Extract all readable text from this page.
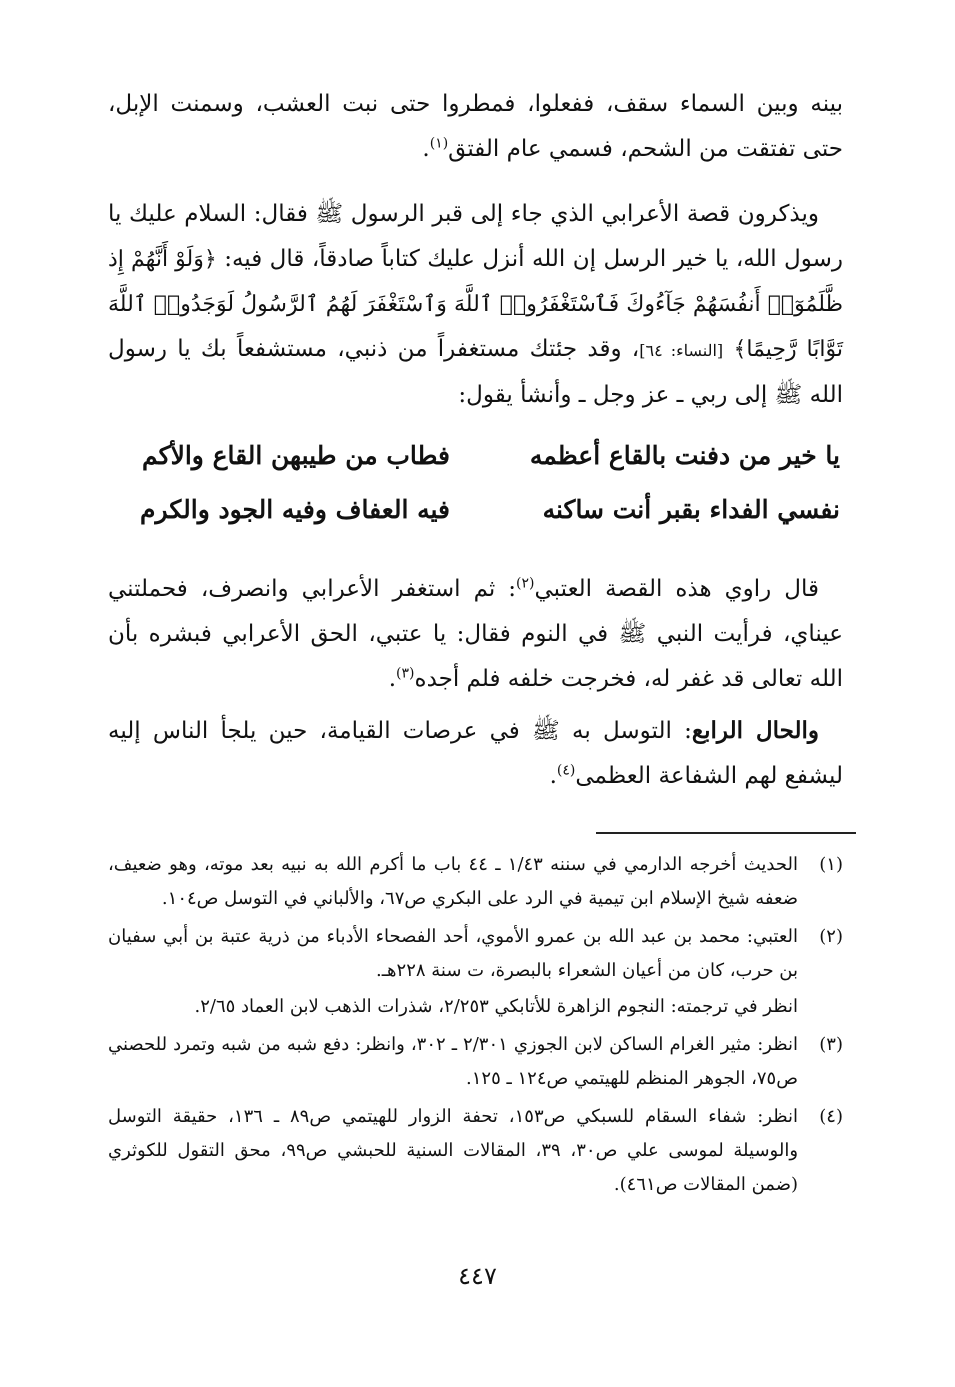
بينه وبين السماء سقف، ففعلوا، فمطروا حتى نبت العشب، وسمنت الإبل، حتى تفتقت من الشحم، فسمي عام الفتق$^{(١)}$.

ويذكرون قصة الأعرابي الذي جاء إلى قبر الرسول ﷺ فقال: السلام عليك يا رسول الله، يا خير الرسل إن الله أنزل عليك كتاباً صادقاً، قال فيه: ﴿وَلَوْ أَنَّهُمْ إِذ ظَّلَمُوٓا۟ أَنفُسَهُمْ جَآءُوكَ فَٱسْتَغْفَرُوا۟ ٱللَّهَ وَٱسْتَغْفَرَ لَهُمُ ٱلرَّسُولُ لَوَجَدُوا۟ ٱللَّهَ تَوَّابًا رَّحِيمًا﴾ [النساء: ٦٤]، وقد جئتك مستغفراً من ذنبي، مستشفعاً بك يا رسول الله ﷺ إلى ربي ـ عز وجل ـ وأنشأ يقول:

يا خير من دفنت بالقاع أعظمه
فطاب من طيبهن القاع والأكم
نفسي الفداء بقبر أنت ساكنه
فيه العفاف وفيه الجود والكرم

قال راوي هذه القصة العتبي$^{(٢)}$: ثم استغفر الأعرابي وانصرف، فحملتني عيناي، فرأيت النبي ﷺ في النوم فقال: يا عتبي، الحق الأعرابي فبشره بأن الله تعالى قد غفر له، فخرجت خلفه فلم أجده$^{(٣)}$.

والحال الرابع: التوسل به ﷺ في عرصات القيامة، حين يلجأ الناس إليه ليشفع لهم الشفاعة العظمى$^{(٤)}$.

(١)
الحديث أخرجه الدارمي في سننه ١/٤٣ ـ ٤٤ باب ما أكرم الله به نبيه بعد موته، وهو ضعيف، ضعفه شيخ الإسلام ابن تيمية في الرد على البكري ص٦٧، والألباني في التوسل ص١٠٤.
(٢)
العتبي: محمد بن عبد الله بن عمرو الأموي، أحد الفصحاء الأدباء من ذرية عتبة بن أبي سفيان بن حرب، كان من أعيان الشعراء بالبصرة، ت سنة ٢٢٨هـ.
انظر في ترجمته: النجوم الزاهرة للأتابكي ٢/٢٥٣، شذرات الذهب لابن العماد ٢/٦٥.
(٣)
انظر: مثير الغرام الساكن لابن الجوزي ٢/٣٠١ ـ ٣٠٢، وانظر: دفع شبه من شبه وتمرد للحصني ص٧٥، الجوهر المنظم للهيتمي ص١٢٤ ـ ١٢٥.
(٤)
انظر: شفاء السقام للسبكي ص١٥٣، تحفة الزوار للهيتمي ص٨٩ ـ ١٣٦، حقيقة التوسل والوسيلة لموسى علي ص٣٠، ٣٩، المقالات السنية للحبشي ص٩٩، محق التقول للكوثري (ضمن المقالات ص٤٦١).
٤٤٧
